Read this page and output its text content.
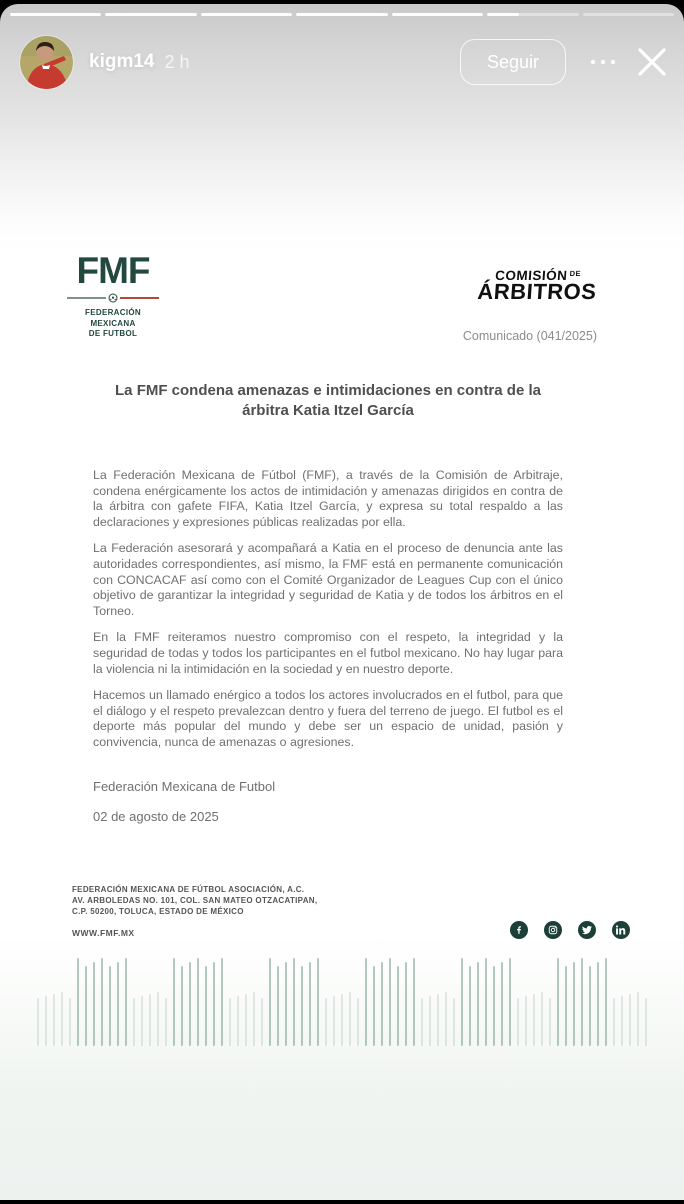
kigm14 2 h	Seguir
FMF
FEDERACIÓN MEXICANA
DE FUTBOL
$COMISIÓN^{DE}$
ÁRBITROS
Comunicado (041/2025)
La FMF condena amenazas e intimidaciones en contra de la árbitra Katia Itzel García

La Federación Mexicana de Fútbol (FMF), a través de la Comisión de Arbitraje, condena enérgicamente los actos de intimidación y amenazas dirigidos en contra de la árbitra con gafete FIFA, Katia Itzel García, y expresa su total respaldo a las declaraciones y expresiones públicas realizadas por ella.

La Federación asesorará y acompañará a Katia en el proceso de denuncia ante las autoridades correspondientes, así mismo, la FMF está en permanente comunicación con CONCACAF así como con el Comité Organizador de Leagues Cup con el único objetivo de garantizar la integridad y seguridad de Katia y de todos los árbitros en el Torneo.

En la FMF reiteramos nuestro compromiso con el respeto, la integridad y la seguridad de todas y todos los participantes en el futbol mexicano. No hay lugar para la violencia ni la intimidación en la sociedad y en nuestro deporte.

Hacemos un llamado enérgico a todos los actores involucrados en el futbol, para que el diálogo y el respeto prevalezcan dentro y fuera del terreno de juego. El futbol es el deporte más popular del mundo y debe ser un espacio de unidad, pasión y convivencia, nunca de amenazas o agresiones.

Federación Mexicana de Futbol
02 de agosto de 2025
FEDERACIÓN MEXICANA DE FÚTBOL ASOCIACIÓN, A.C.
AV. ARBOLEDAS NO. 101, COL. SAN MATEO OTZACATIPAN,
C.P. 50200, TOLUCA, ESTADO DE MÉXICO
WWW.FMF.MX
